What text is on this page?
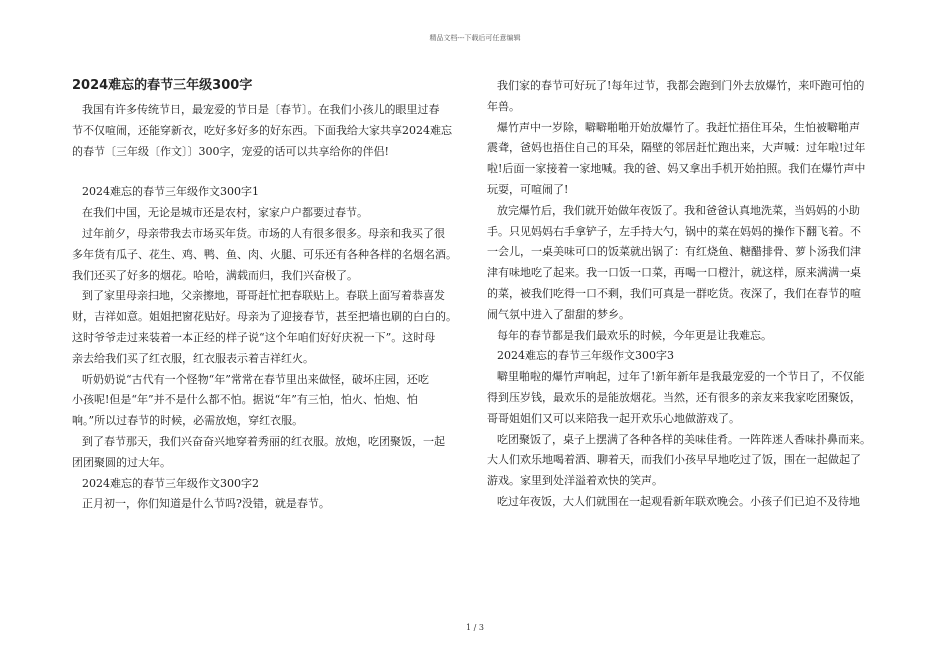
精品文档---下载后可任意编辑
2024难忘的春节三年级300字
我国有许多传统节日，最宠爱的节日是〔春节〕。在我们小孩儿的眼里过春
节不仅喧闹，还能穿新衣，吃好多好多的好东西。下面我给大家共享2024难忘
的春节〔三年级〔作文〕〕300字，宠爱的话可以共享给你的伴侣!
2024难忘的春节三年级作文300字1
在我们中国，无论是城市还是农村，家家户户都要过春节。
过年前夕，母亲带我去市场买年货。市场的人有很多很多。母亲和我买了很
多年货有瓜子、花生、鸡、鸭、鱼、肉、火腿、可乐还有各种各样的名烟名酒。
我们还买了好多的烟花。哈哈，满载而归，我们兴奋极了。
到了家里母亲扫地，父亲擦地，哥哥赶忙把春联贴上。春联上面写着恭喜发
财，吉祥如意。姐姐把窗花贴好。母亲为了迎接春节，甚至把墙也刷的白白的。
这时爷爷走过来装着一本正经的样子说“这个年咱们好好庆祝一下”。这时母
亲去给我们买了红衣服，红衣服表示着吉祥红火。
听奶奶说“古代有一个怪物“年”常常在春节里出来做怪，破坏庄园，还吃
小孩呢!但是“年”并不是什么都不怕。据说“年”有三怕，怕火、怕炮、怕
响。”所以过春节的时候，必需放炮，穿红衣服。
到了春节那天，我们兴奋奋兴地穿着秀丽的红衣服。放炮，吃团聚饭，一起
团团聚圆的过大年。
2024难忘的春节三年级作文300字2
正月初一，你们知道是什么节吗?没错，就是春节。
我们家的春节可好玩了!每年过节，我都会跑到门外去放爆竹，来吓跑可怕的
年兽。
爆竹声中一岁除，噼噼啪啪开始放爆竹了。我赶忙捂住耳朵，生怕被噼啪声
震聋，爸妈也捂住自己的耳朵，隔壁的邻居赶忙跑出来，大声喊：过年啦!过年
啦!后面一家接着一家地喊。我的爸、妈又拿出手机开始拍照。我们在爆竹声中
玩耍，可喧闹了!
放完爆竹后，我们就开始做年夜饭了。我和爸爸认真地洗菜，当妈妈的小助
手。只见妈妈右手拿铲子，左手持大勺，锅中的菜在妈妈的操作下翻飞着。不
一会儿，一桌美味可口的饭菜就出锅了：有红烧鱼、糖醋排骨、萝卜汤我们津
津有味地吃了起来。我一口饭一口菜，再喝一口橙汁，就这样，原来满满一桌
的菜，被我们吃得一口不剩，我们可真是一群吃货。夜深了，我们在春节的喧
闹气氛中进入了甜甜的梦乡。
每年的春节都是我们最欢乐的时候，今年更是让我难忘。
2024难忘的春节三年级作文300字3
噼里啪啦的爆竹声响起，过年了!新年新年是我最宠爱的一个节日了，不仅能
得到压岁钱，最欢乐的是能放烟花。当然，还有很多的亲友来我家吃团聚饭，
哥哥姐姐们又可以来陪我一起开欢乐心地做游戏了。
吃团聚饭了，桌子上摆满了各种各样的美味佳肴。一阵阵迷人香味扑鼻而来。
大人们欢乐地喝着酒、聊着天，而我们小孩早早地吃过了饭，围在一起做起了
游戏。家里到处洋溢着欢快的笑声。
吃过年夜饭，大人们就围在一起观看新年联欢晚会。小孩子们已迫不及待地
1 / 3
